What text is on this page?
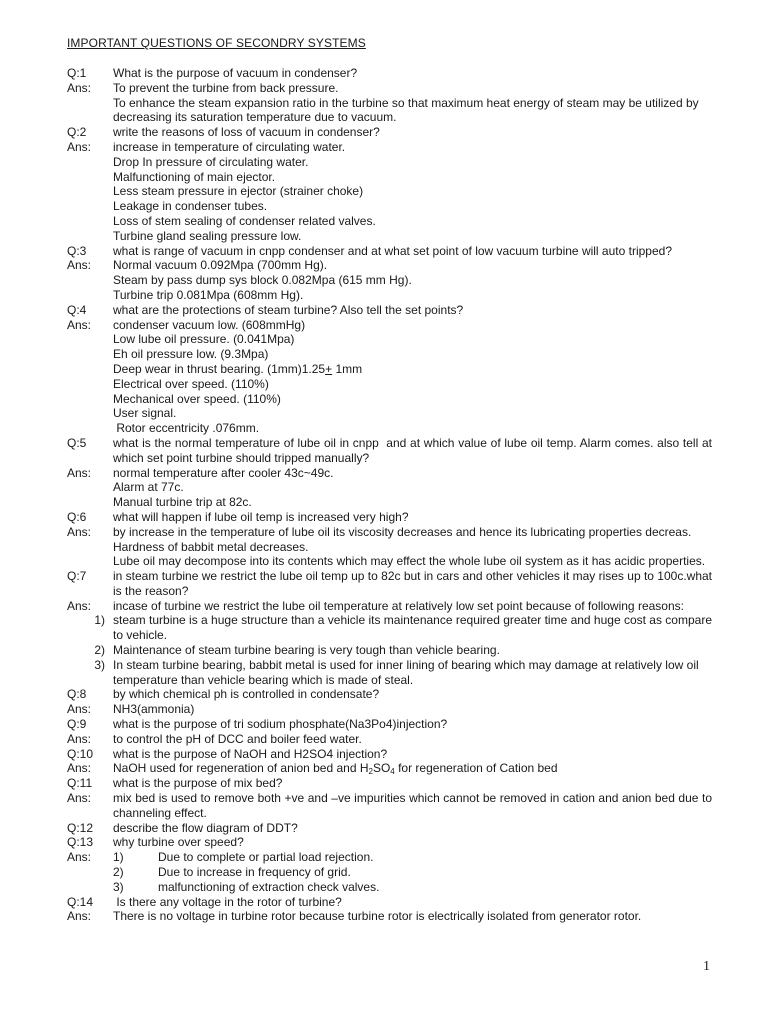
IMPORTANT QUESTIONS OF SECONDRY SYSTEMS
Q:1	What is the purpose of vacuum in condenser?
Ans:	To prevent the turbine from back pressure.
To enhance the steam expansion ratio in the turbine so that maximum heat energy of steam may be utilized by decreasing its saturation temperature due to vacuum.
Q:2	write the reasons of loss of vacuum in condenser?
Ans:	increase in temperature of circulating water.
Drop In pressure of circulating water.
Malfunctioning of main ejector.
Less steam pressure in ejector (strainer choke)
Leakage in condenser tubes.
Loss of stem sealing of condenser related valves.
Turbine gland sealing pressure low.
Q:3	what is range of vacuum in cnpp condenser and at what set point of low vacuum turbine will auto tripped?
Ans:	Normal vacuum 0.092Mpa (700mm Hg).
Steam by pass dump sys block 0.082Mpa (615 mm Hg).
Turbine trip 0.081Mpa (608mm Hg).
Q:4	what are the protections of steam turbine? Also tell the set points?
Ans:	condenser vacuum low. (608mmHg)
Low lube oil pressure. (0.041Mpa)
Eh oil pressure low. (9.3Mpa)
Deep wear in thrust bearing. (1mm)1.25+ 1mm
Electrical over speed. (110%)
Mechanical over speed. (110%)
User signal.
Rotor eccentricity .076mm.
Q:5	what is the normal temperature of lube oil in cnpp  and at which value of lube oil temp. Alarm comes. also tell at which set point turbine should tripped manually?
Ans:	normal temperature after cooler 43c~49c.
Alarm at 77c.
Manual turbine trip at 82c.
Q:6	what will happen if lube oil temp is increased very high?
Ans:	by increase in the temperature of lube oil its viscosity decreases and hence its lubricating properties decreas.
Hardness of babbit metal decreases.
Lube oil may decompose into its contents which may effect the whole lube oil system as it has acidic properties.
Q:7	in steam turbine we restrict the lube oil temp up to 82c but in cars and other vehicles it may rises up to 100c.what is the reason?
Ans:	incase of turbine we restrict the lube oil temperature at relatively low set point because of following reasons:
1) steam turbine is a huge structure than a vehicle its maintenance required greater time and huge cost as compare to vehicle.
2) Maintenance of steam turbine bearing is very tough than vehicle bearing.
3) In steam turbine bearing, babbit metal is used for inner lining of bearing which may damage at relatively low oil temperature than vehicle bearing which is made of steal.
Q:8	by which chemical ph is controlled in condensate?
Ans:	NH3(ammonia)
Q:9	what is the purpose of tri sodium phosphate(Na3Po4)injection?
Ans:	to control the pH of DCC and boiler feed water.
Q:10	what is the purpose of NaOH and H2SO4 injection?
Ans:	NaOH used for regeneration of anion bed and $H_2SO_4$ for regeneration of Cation bed
Q:11	what is the purpose of mix bed?
Ans:	mix bed is used to remove both +ve and –ve impurities which cannot be removed in cation and anion bed due to channeling effect.
Q:12	describe the flow diagram of DDT?
Q:13	why turbine over speed?
Ans:	1)	Due to complete or partial load rejection.
2)	Due to increase in frequency of grid.
3)	malfunctioning of extraction check valves.
Q:14	Is there any voltage in the rotor of turbine?
Ans:	There is no voltage in turbine rotor because turbine rotor is electrically isolated from generator rotor.
1
